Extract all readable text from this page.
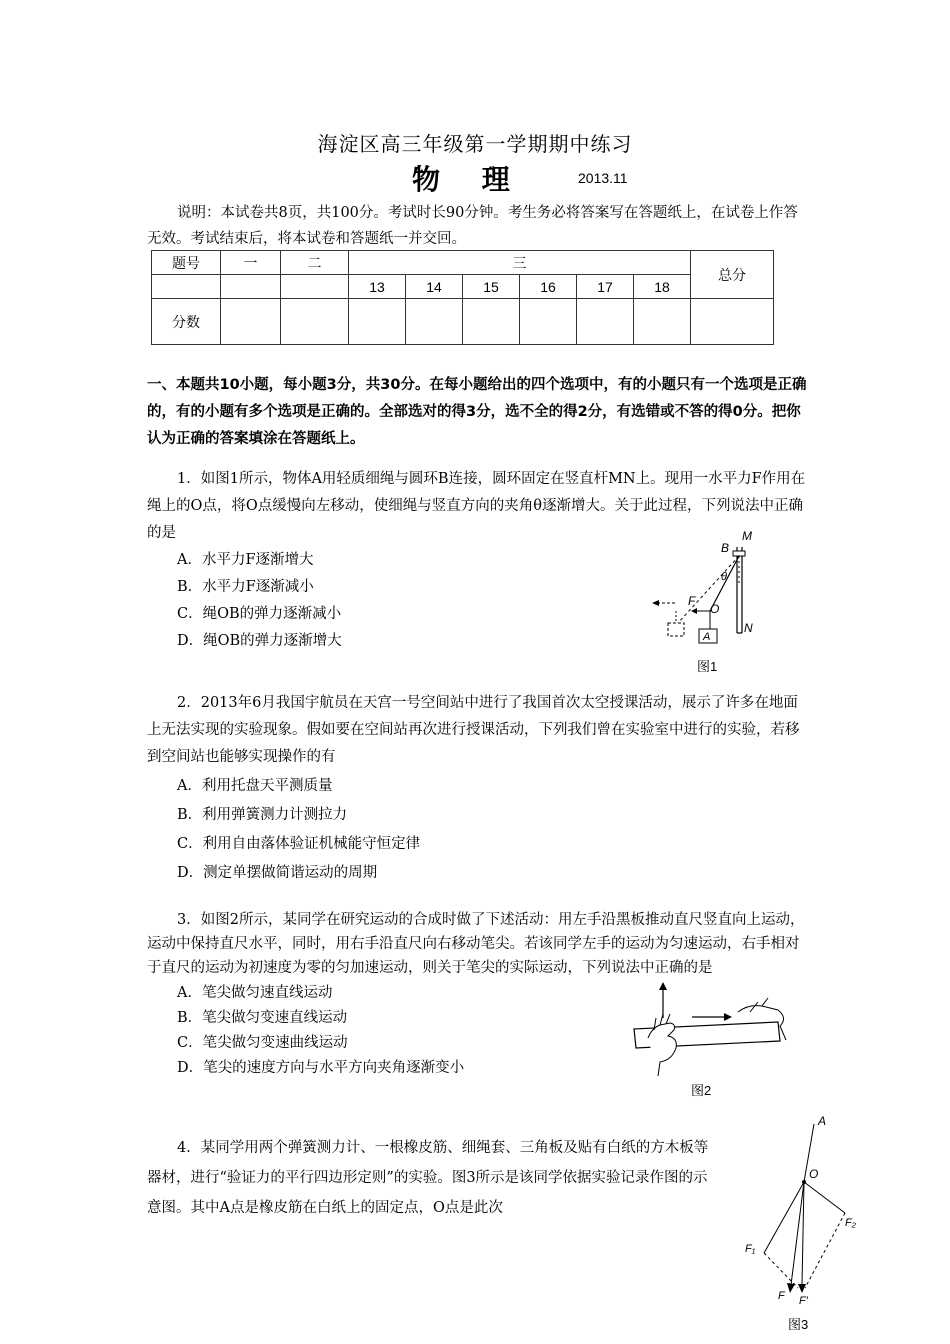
海淀区高三年级第一学期期中练习
物 理	2013.11
说明：本试卷共8页，共100分。考试时长90分钟。考生务必将答案写在答题纸上，在试卷上作答无效。考试结束后，将本试卷和答题纸一并交回。
题号	一	二	三						总分
			13	14	15	16	17	18	
分数									
一、本题共10小题，每小题3分，共30分。在每小题给出的四个选项中，有的小题只有一个选项是正确的，有的小题有多个选项是正确的。全部选对的得3分，选不全的得2分，有选错或不答的得0分。把你认为正确的答案填涂在答题纸上。
1．如图1所示，物体A用轻质细绳与圆环B连接，圆环固定在竖直杆MN上。现用一水平力F作用在绳上的O点，将O点缓慢向左移动，使细绳与竖直方向的夹角θ逐渐增大。关于此过程，下列说法中正确的是
A．水平力F逐渐增大
B．水平力F逐渐减小
C．绳OB的弹力逐渐减小
D．绳OB的弹力逐渐增大
B
M
θ
F
O
A
N
图1
2．2013年6月我国宇航员在天宫一号空间站中进行了我国首次太空授课活动，展示了许多在地面上无法实现的实验现象。假如要在空间站再次进行授课活动，下列我们曾在实验室中进行的实验，若移到空间站也能够实现操作的有
A．利用托盘天平测质量
B．利用弹簧测力计测拉力
C．利用自由落体验证机械能守恒定律
D．测定单摆做简谐运动的周期
3．如图2所示，某同学在研究运动的合成时做了下述活动：用左手沿黑板推动直尺竖直向上运动，运动中保持直尺水平，同时，用右手沿直尺向右移动笔尖。若该同学左手的运动为匀速运动，右手相对于直尺的运动为初速度为零的匀加速运动，则关于笔尖的实际运动，下列说法中正确的是
A．笔尖做匀速直线运动
B．笔尖做匀变速直线运动
C．笔尖做匀变速曲线运动
D．笔尖的速度方向与水平方向夹角逐渐变小
图2
4．某同学用两个弹簧测力计、一根橡皮筋、细绳套、三角板及贴有白纸的方木板等器材，进行“验证力的平行四边形定则”的实验。图3所示是该同学依据实验记录作图的示意图。其中A点是橡皮筋在白纸上的固定点，O点是此次
A
O
F₂
F₁
F F′
图3
